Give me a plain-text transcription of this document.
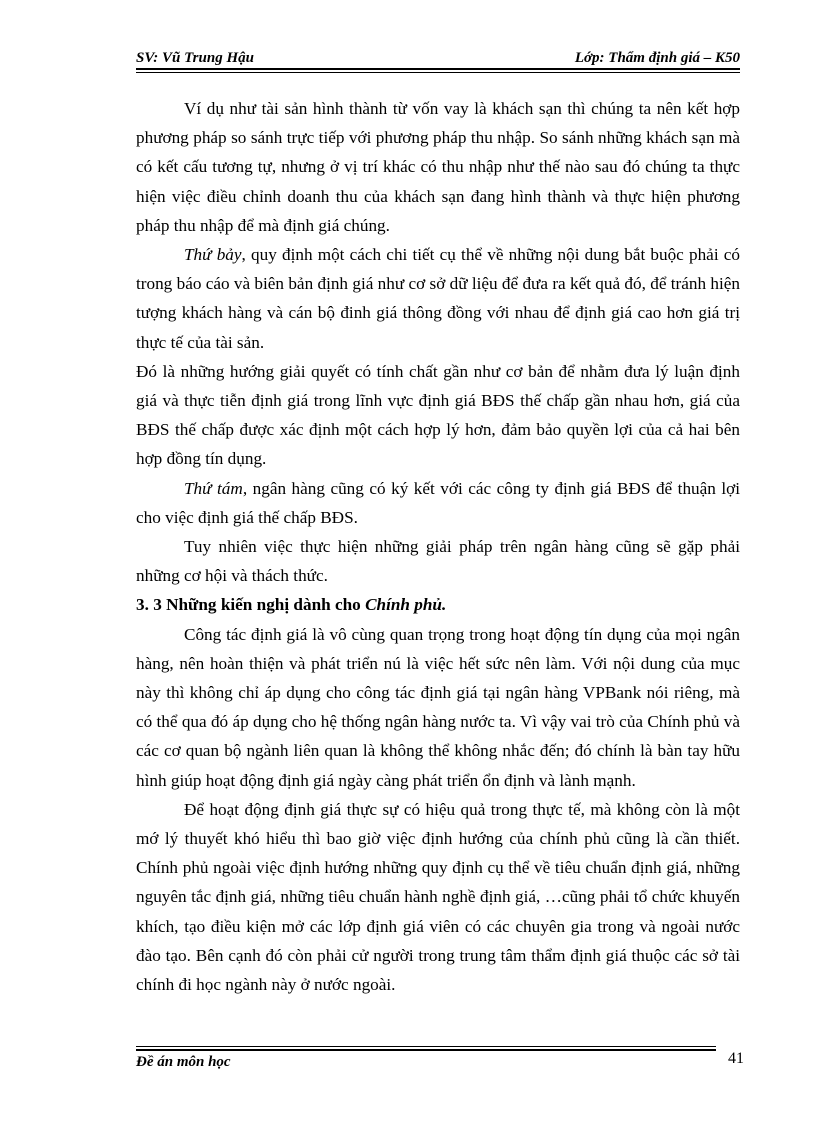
SV: Vũ Trung Hậu	Lớp: Thẩm định giá – K50

Ví dụ như tài sản hình thành từ vốn vay là khách sạn thì chúng ta nên kết hợp phương pháp so sánh trực tiếp với phương pháp thu nhập. So sánh những khách sạn mà có kết cấu tương tự, nhưng ở vị trí khác có thu nhập như thế nào sau đó chúng ta thực hiện việc điều chỉnh doanh thu của khách sạn đang hình thành và thực hiện phương pháp thu nhập để mà định giá chúng.

Thứ bảy, quy định một cách chi tiết cụ thể về những nội dung bắt buộc phải có trong báo cáo và biên bản định giá như cơ sở dữ liệu để đưa ra kết quả đó, để tránh hiện tượng khách hàng và cán bộ đinh giá thông đồng với nhau để định giá cao hơn giá trị thực tế của tài sản.

Đó là những hướng giải quyết có tính chất gần như cơ bản để nhằm đưa lý luận định giá và thực tiễn định giá trong lĩnh vực định giá BĐS thế chấp gần nhau hơn, giá của BĐS thế chấp được xác định một cách hợp lý hơn, đảm bảo quyền lợi của cả hai bên hợp đồng tín dụng.

Thứ tám, ngân hàng cũng có ký kết với các công ty định giá BĐS để thuận lợi cho việc định giá thế chấp BĐS.

Tuy nhiên việc thực hiện những giải pháp trên ngân hàng cũng sẽ gặp phải những cơ hội và thách thức.

3. 3 Những kiến nghị dành cho Chính phủ.

Công tác định giá là vô cùng quan trọng trong hoạt động tín dụng của mọi ngân hàng, nên hoàn thiện và phát triển nú là việc hết sức nên làm. Với nội dung của mục này thì không chỉ áp dụng cho công tác định giá tại ngân hàng VPBank nói riêng, mà có thể qua đó áp dụng cho hệ thống ngân hàng nước ta. Vì vậy vai trò của Chính phủ và các cơ quan bộ ngành liên quan là không thể không nhắc đến; đó chính là bàn tay hữu hình giúp hoạt động định giá ngày càng phát triển ổn định và lành mạnh.

Để hoạt động định giá thực sự có hiệu quả trong thực tế, mà không còn là một mớ lý thuyết khó hiểu thì bao giờ việc định hướng của chính phủ cũng là cần thiết. Chính phủ ngoài việc định hướng những quy định cụ thể về tiêu chuẩn định giá, những nguyên tắc định giá, những tiêu chuẩn hành nghề định giá, …cũng phải tổ chức khuyến khích, tạo điều kiện mở các lớp định giá viên có các chuyên gia trong và ngoài nước đào tạo. Bên cạnh đó còn phải cử người trong trung tâm thẩm định giá thuộc các sở tài chính đi học ngành này ở nước ngoài.

Đề án môn học	41
